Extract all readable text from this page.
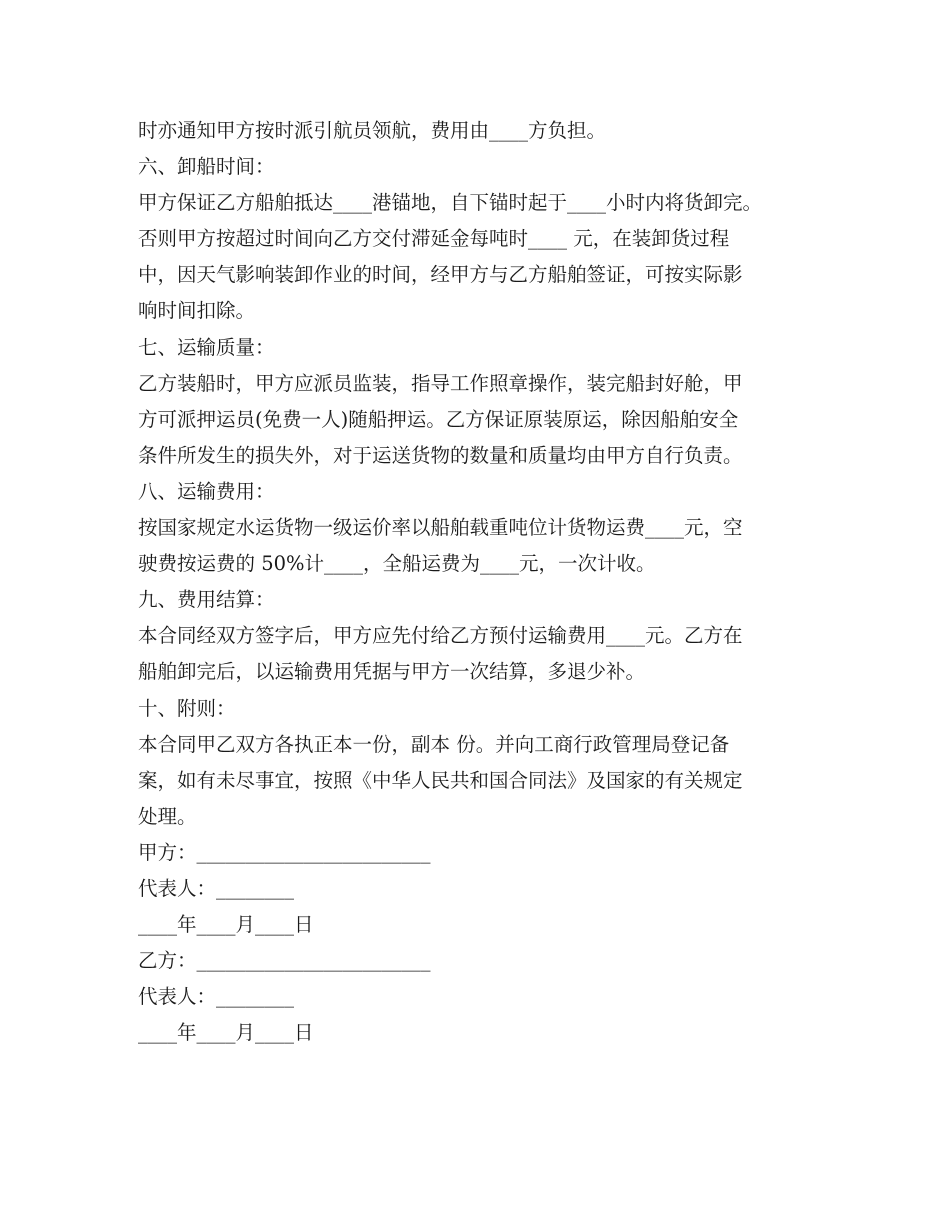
时亦通知甲方按时派引航员领航，费用由____方负担。
六、卸船时间：
甲方保证乙方船舶抵达____港锚地，自下锚时起于____小时内将货卸完。
否则甲方按超过时间向乙方交付滞延金每吨时____ 元，在装卸货过程
中，因天气影响装卸作业的时间，经甲方与乙方船舶签证，可按实际影
响时间扣除。
七、运输质量：
乙方装船时，甲方应派员监装，指导工作照章操作，装完船封好舱，甲
方可派押运员(免费一人)随船押运。乙方保证原装原运，除因船舶安全
条件所发生的损失外，对于运送货物的数量和质量均由甲方自行负责。
八、运输费用：
按国家规定水运货物一级运价率以船舶载重吨位计货物运费____元，空
驶费按运费的 50%计____，全船运费为____元，一次计收。
九、费用结算：
本合同经双方签字后，甲方应先付给乙方预付运输费用____元。乙方在
船舶卸完后，以运输费用凭据与甲方一次结算，多退少补。
十、附则：
本合同甲乙双方各执正本一份，副本 份。并向工商行政管理局登记备
案，如有未尽事宜，按照《中华人民共和国合同法》及国家的有关规定
处理。
甲方：________________________
代表人：________
____年____月____日
乙方：________________________
代表人：________
____年____月____日
